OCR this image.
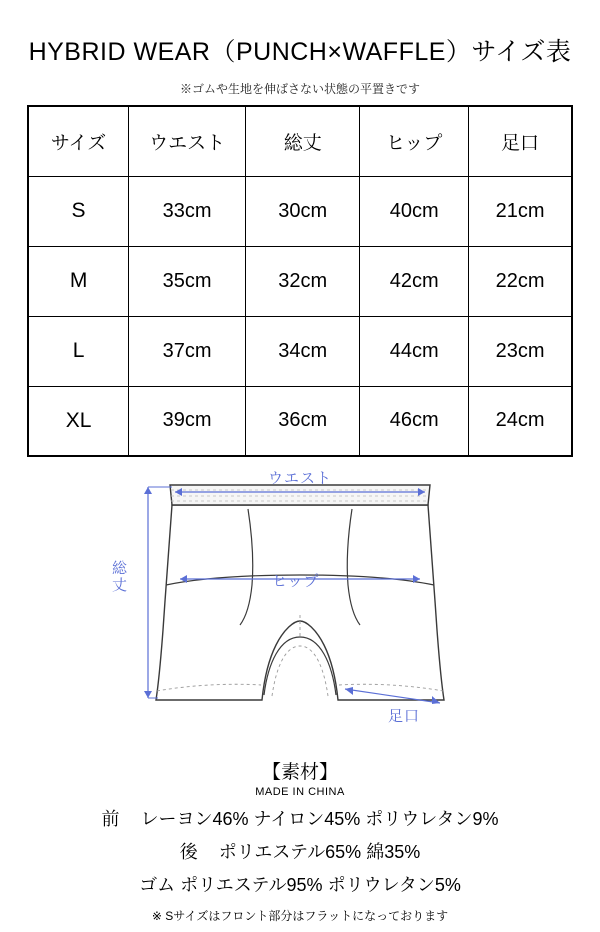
HYBRID WEAR（PUNCH×WAFFLE）サイズ表
※ゴムや生地を伸ばさない状態の平置きです
サイズ	ウエスト	総丈	ヒップ	足口
S	33cm	30cm	40cm	21cm
M	35cm	32cm	42cm	22cm
L	37cm	34cm	44cm	23cm
XL	39cm	36cm	46cm	24cm
ウエスト
ヒップ
総丈
足口
【素材】
MADE IN CHINA
前 レーヨン46% ナイロン45% ポリウレタン9%
後 ポリエステル65% 綿35%
ゴム ポリエステル95% ポリウレタン5%
※ Sサイズはフロント部分はフラットになっております
